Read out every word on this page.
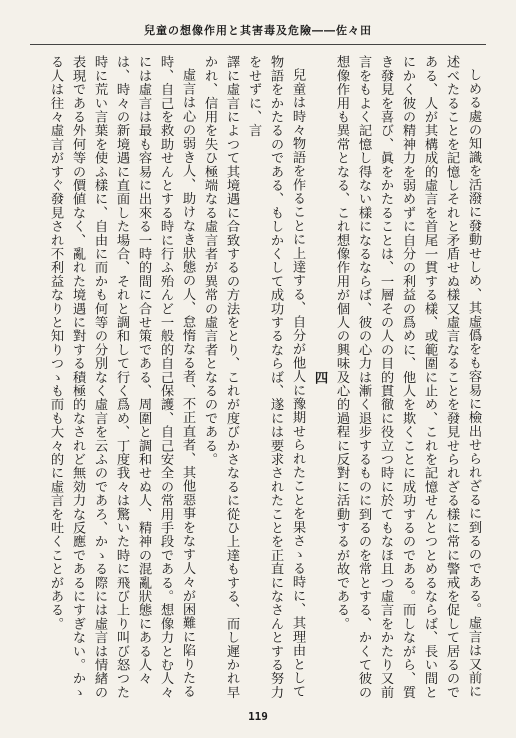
兒童の想像作用と其害毒及危險――佐々田

しめる處の知識を活潑に發動せしめ、其虛僞をも容易に檢出せられざるに到るのである。虛言は又前に述べたることを記憶しそれと矛盾せぬ樣又虛言なることを發見せられざる樣に常に警戒を促して居るのである、人が其構成的虛言を首尾一貫する樣、或範圍に止め、これを記憶せんとつとめるならば、長い間とにかく彼の精神力を弱めずに自分の利益の爲めに、他人を欺くことに成功するのである。而しながら、質き發見を喜び、眞をかたることは、一層その人の目的貫徹に役立つ時に於てもなほ且つ虛言をかたり又前言をもよく記憶し得ない樣になるならば、彼の心力は漸く退步するものに到るのを常とする、かくて彼の想像作用も異常となる、これ想像作用が個人の興味及心的過程に反對に活動するが故である。

四

兒童は時々物語を作ることに上達する、自分が他人に豫期せられたことを果さゝる時に、其理由として物語をかたるのである、もしかくして成功するならば、遂には要求されたことを正直になさんとする努力をせずに、言

譯に虛言によつて其境遇に合致するの方法をとり、これが度びかさなるに從ひ上達もする、而し遲かれ早かれ、信用を失ひ極端なる虛言者が異常の虛言者となるのである。

虛言は心の弱き人、助けなき狀態の人、怠惰なる者、不正直者、其他惡事をなす人々が困難に陷りたる時、自己を救助せんとする時に行ふ殆んど一般的自己保護、自己安全の常用手段である。想像力とむ人々には虛言は最も容易に出來る一時的間に合せ策である、周圍と調和せぬ人、精神の混亂狀態にある人々は、時々の新境遇に直面した場合、それと調和して行く爲め、丁度我々は驚いた時に飛び上り叫び怒つた時に荒い言葉を使ふ樣に、自由に而かも何等の分別なく虛言を云ふのであろ、かゝる際には虛言は情緖の表現である外何等の價値なく、亂れた境遇に對する積極的なされど無効力な反應であるにすぎない。かゝる人は往々虛言がすぐ發見され不利益なりと知りつゝも而も大々的に虛言を吐くことがある。

119
